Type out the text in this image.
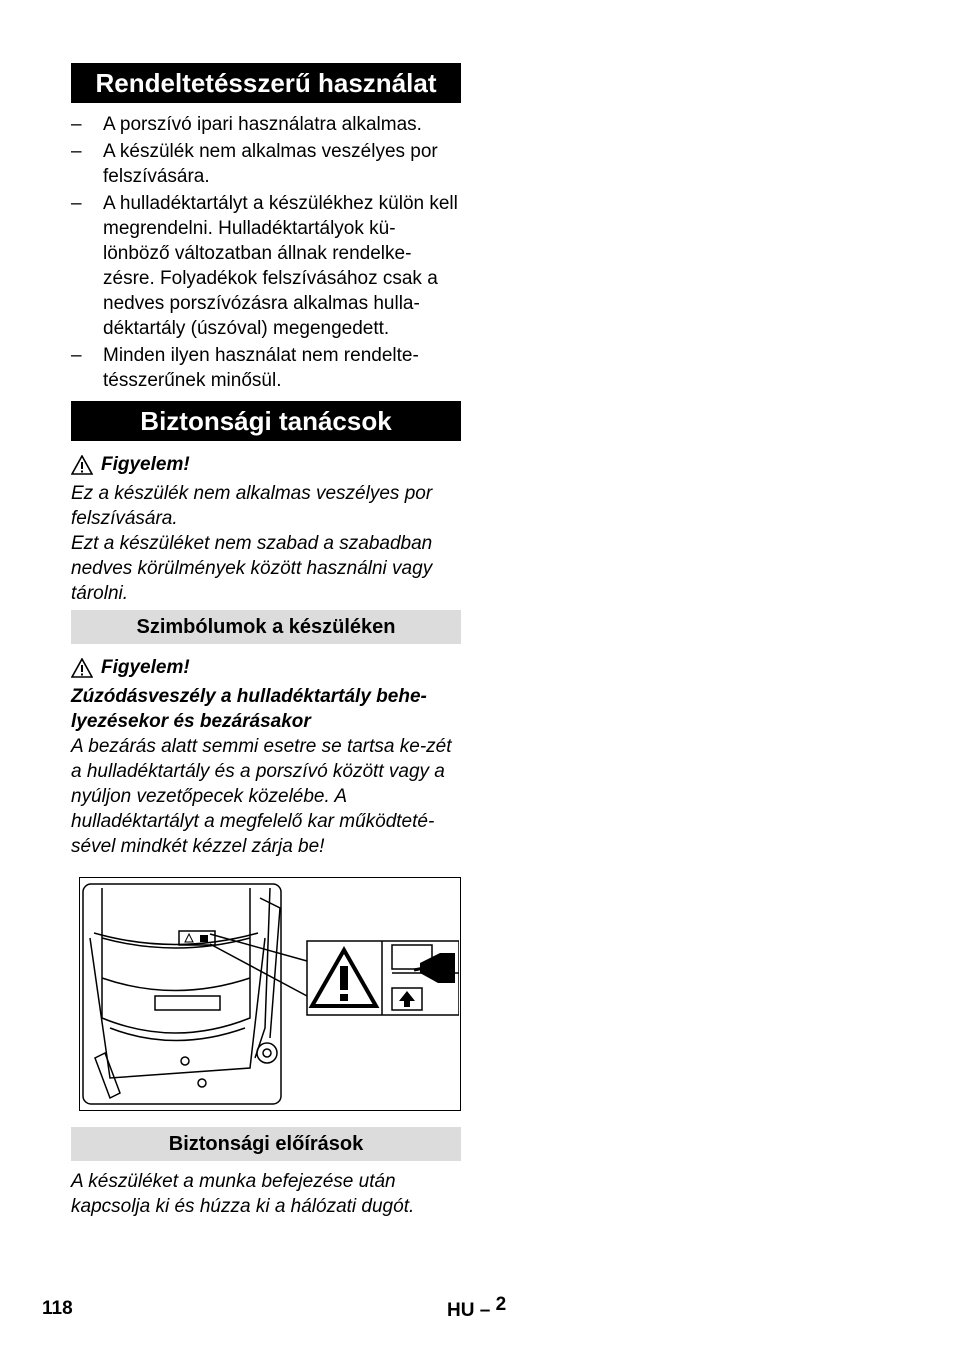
Rendeltetésszerű használat
– A porszívó ipari használatra alkalmas.
– A készülék nem alkalmas veszélyes por felszívására.
– A hulladéktartályt a készülékhez külön kell megrendelni. Hulladéktartályok kü-lönböző változatban állnak rendelke-zésre. Folyadékok felszívásához csak a nedves porszívózásra alkalmas hulla-déktartály (úszóval) megengedett.
– Minden ilyen használat nem rendelte-tésszerűnek minősül.
Biztonsági tanácsok
Figyelem!

Ez a készülék nem alkalmas veszélyes por felszívására.

Ezt a készüléket nem szabad a szabadban nedves körülmények között használni vagy tárolni.

Szimbólumok a készüléken
Figyelem!

Zúzódásveszély a hulladéktartály behe-lyezésekor és bezárásakor

A bezárás alatt semmi esetre se tartsa ke-zét a hulladéktartály és a porszívó között vagy a nyúljon vezetőpecek közelébe. A hulladéktartályt a megfelelő kar működteté-sével mindkét kézzel zárja be!

Biztonsági előírások

A készüléket a munka befejezése után kapcsolja ki és húzza ki a hálózati dugót.

118	HU – 2
